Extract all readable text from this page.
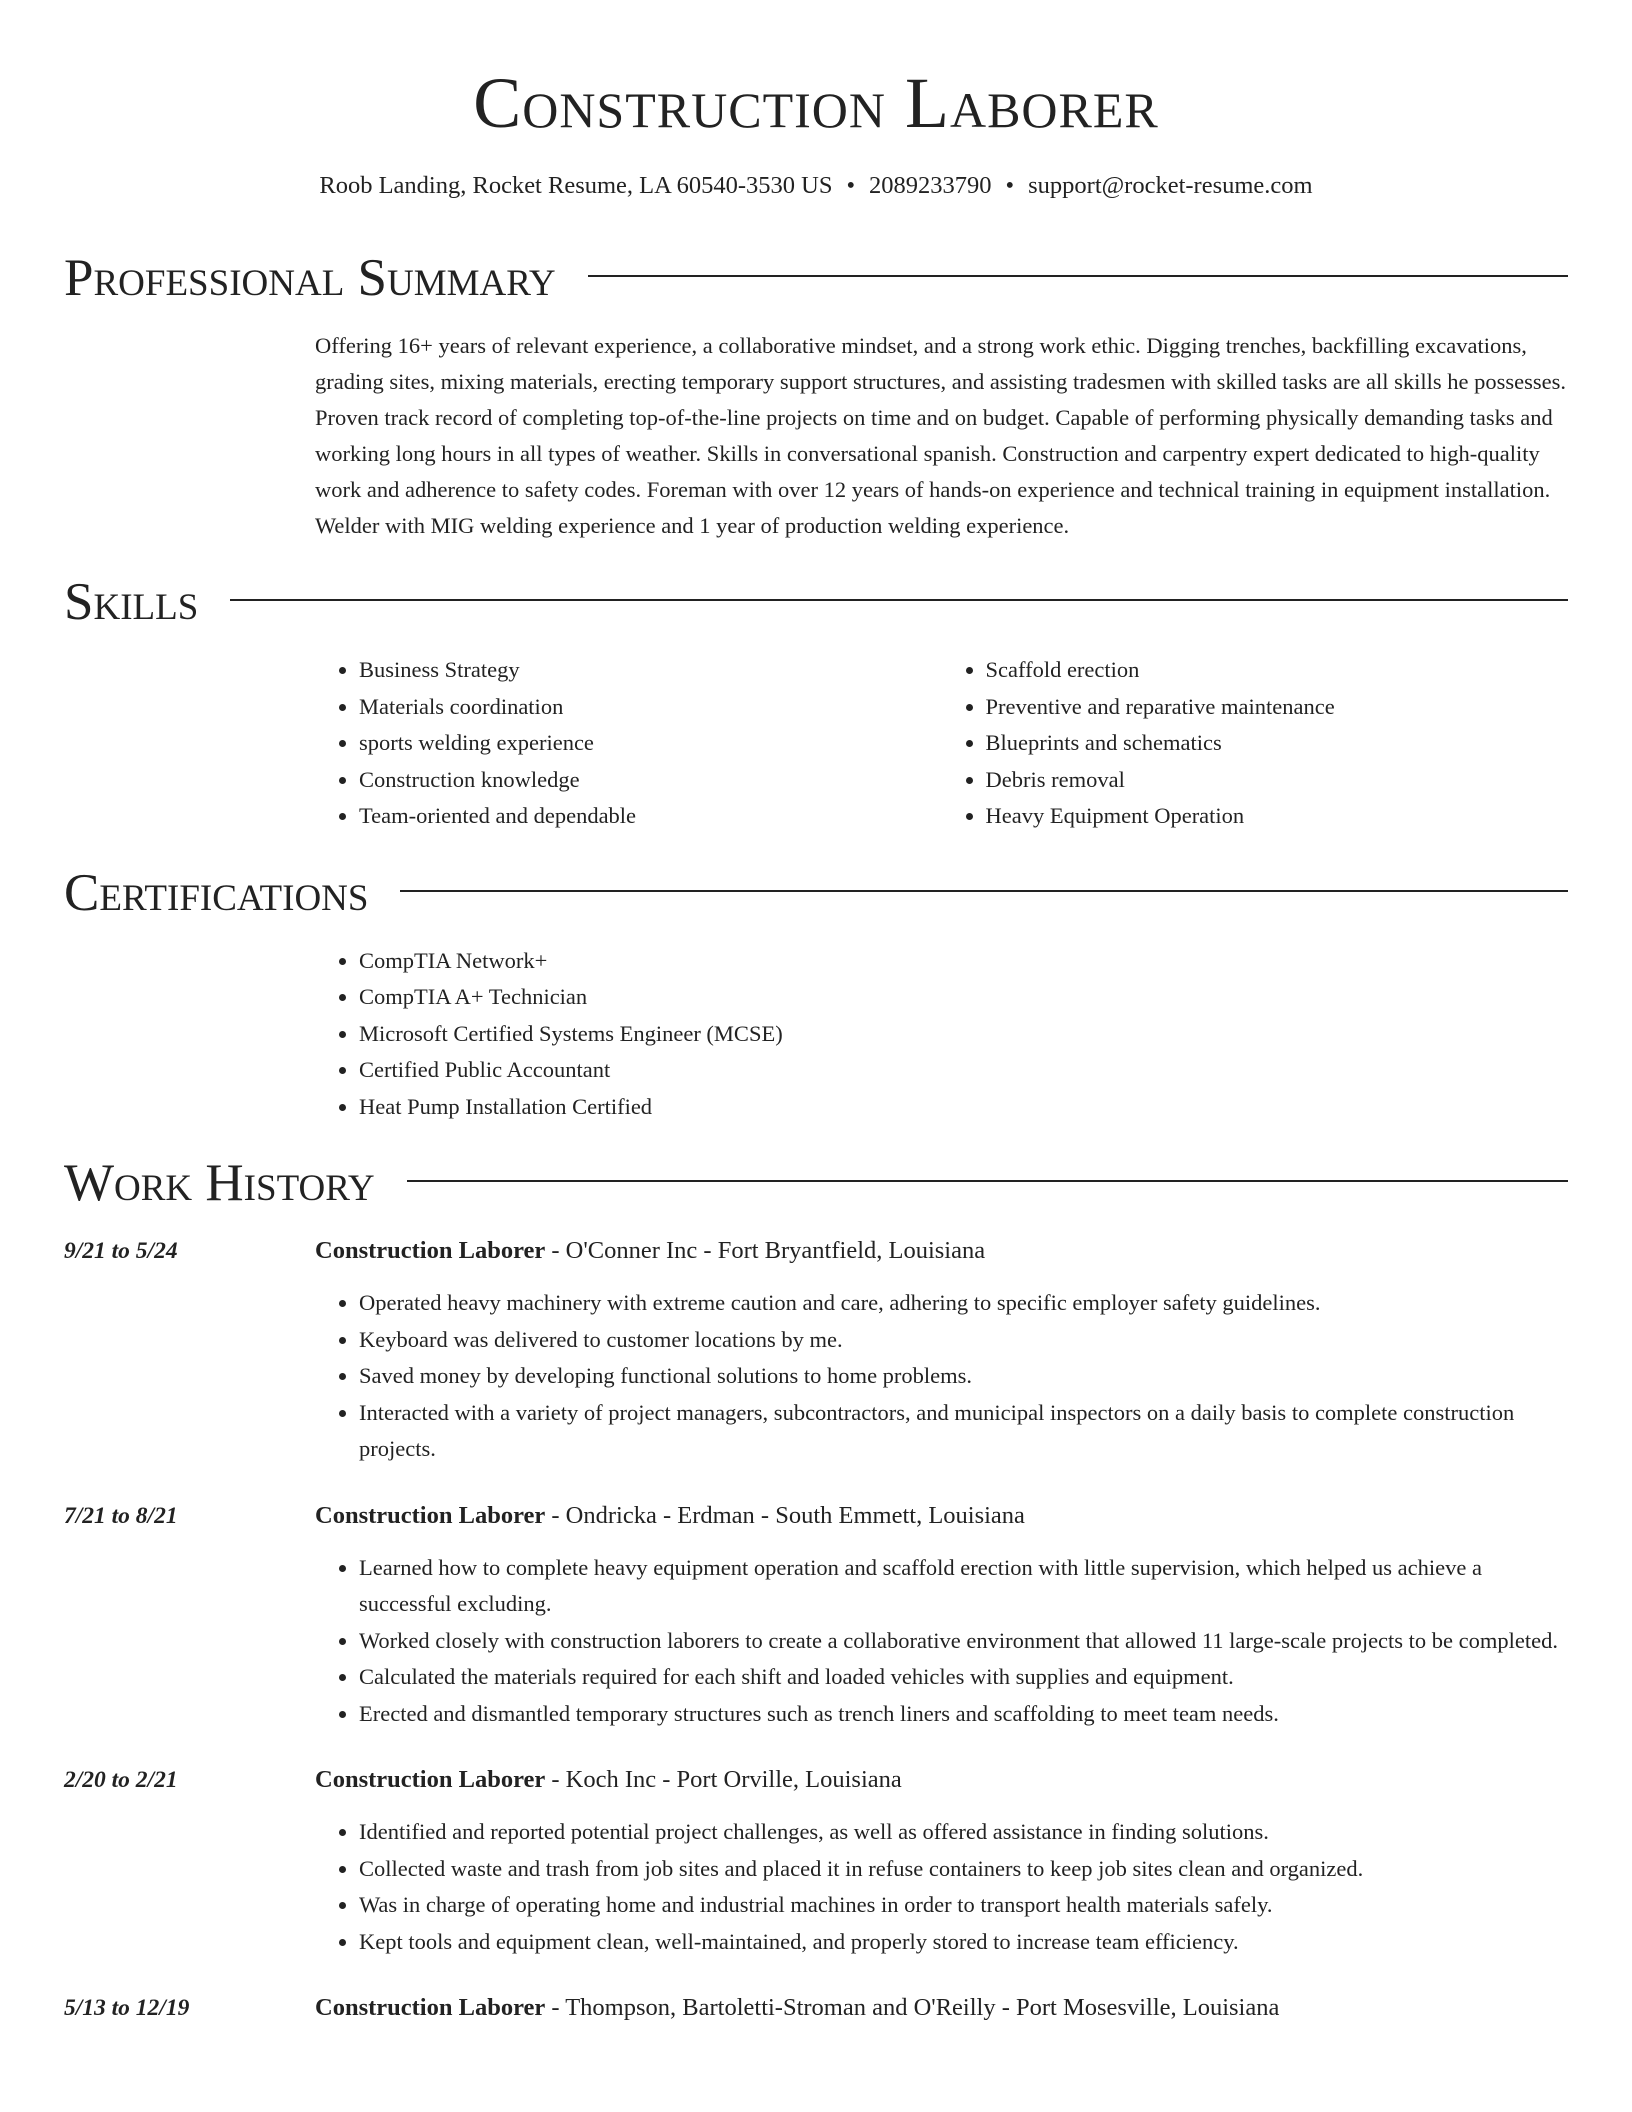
Construction Laborer
Roob Landing, Rocket Resume, LA 60540-3530 US • 2089233790 • support@rocket-resume.com
Professional Summary
Offering 16+ years of relevant experience, a collaborative mindset, and a strong work ethic. Digging trenches, backfilling excavations, grading sites, mixing materials, erecting temporary support structures, and assisting tradesmen with skilled tasks are all skills he possesses. Proven track record of completing top-of-the-line projects on time and on budget. Capable of performing physically demanding tasks and working long hours in all types of weather. Skills in conversational spanish. Construction and carpentry expert dedicated to high-quality work and adherence to safety codes. Foreman with over 12 years of hands-on experience and technical training in equipment installation. Welder with MIG welding experience and 1 year of production welding experience.
Skills
• Business Strategy
• Materials coordination
• sports welding experience
• Construction knowledge
• Team-oriented and dependable
• Scaffold erection
• Preventive and reparative maintenance
• Blueprints and schematics
• Debris removal
• Heavy Equipment Operation
Certifications
• CompTIA Network+
• CompTIA A+ Technician
• Microsoft Certified Systems Engineer (MCSE)
• Certified Public Accountant
• Heat Pump Installation Certified
Work History
9/21 to 5/24	Construction Laborer - O'Conner Inc - Fort Bryantfield, Louisiana
• Operated heavy machinery with extreme caution and care, adhering to specific employer safety guidelines.
• Keyboard was delivered to customer locations by me.
• Saved money by developing functional solutions to home problems.
• Interacted with a variety of project managers, subcontractors, and municipal inspectors on a daily basis to complete construction projects.
7/21 to 8/21	Construction Laborer - Ondricka - Erdman - South Emmett, Louisiana
• Learned how to complete heavy equipment operation and scaffold erection with little supervision, which helped us achieve a successful excluding.
• Worked closely with construction laborers to create a collaborative environment that allowed 11 large-scale projects to be completed.
• Calculated the materials required for each shift and loaded vehicles with supplies and equipment.
• Erected and dismantled temporary structures such as trench liners and scaffolding to meet team needs.
2/20 to 2/21	Construction Laborer - Koch Inc - Port Orville, Louisiana
• Identified and reported potential project challenges, as well as offered assistance in finding solutions.
• Collected waste and trash from job sites and placed it in refuse containers to keep job sites clean and organized.
• Was in charge of operating home and industrial machines in order to transport health materials safely.
• Kept tools and equipment clean, well-maintained, and properly stored to increase team efficiency.
5/13 to 12/19	Construction Laborer - Thompson, Bartoletti-Stroman and O'Reilly - Port Mosesville, Louisiana
